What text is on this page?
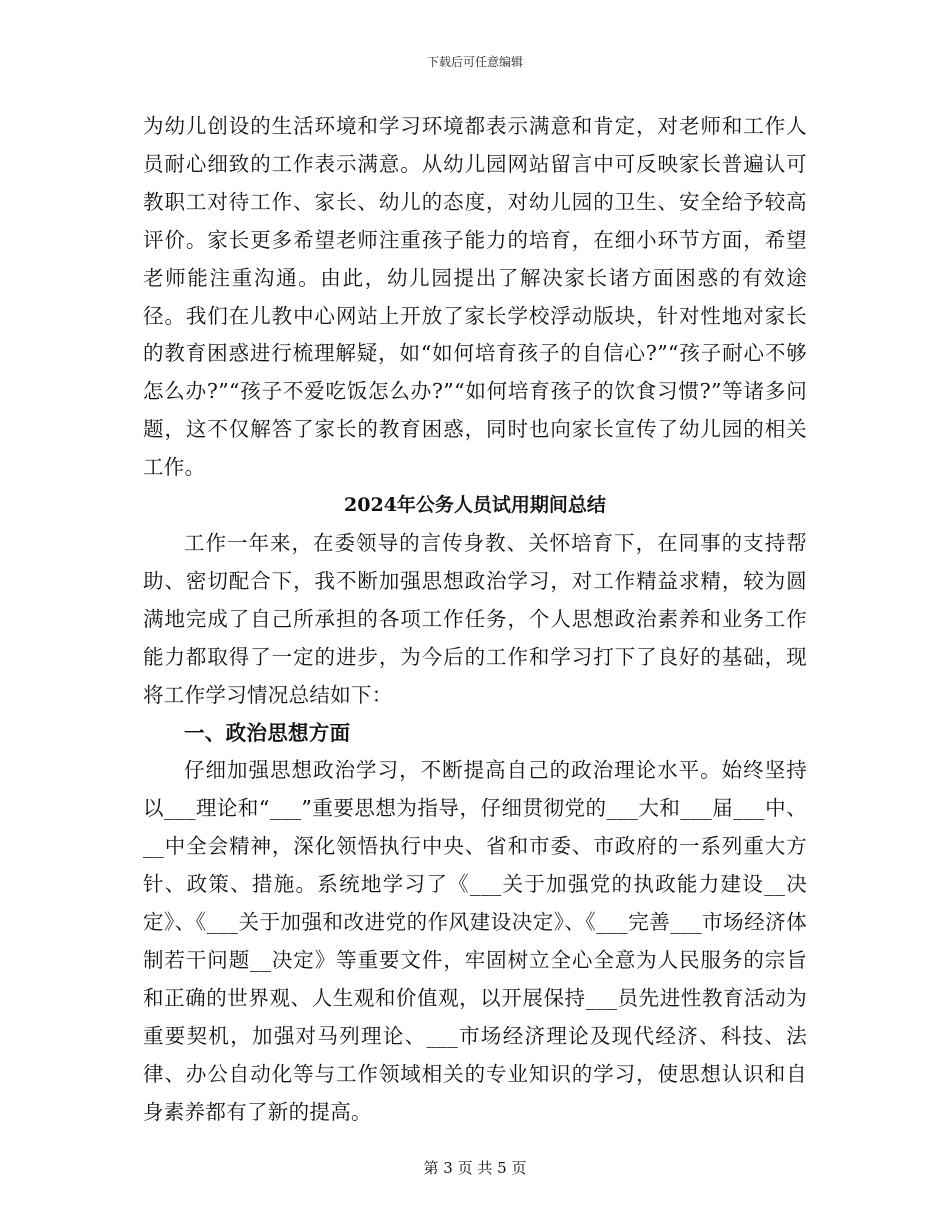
下载后可任意编辑

为幼儿创设的生活环境和学习环境都表示满意和肯定，对老师和工作人员耐心细致的工作表示满意。从幼儿园网站留言中可反映家长普遍认可教职工对待工作、家长、幼儿的态度，对幼儿园的卫生、安全给予较高评价。家长更多希望老师注重孩子能力的培育，在细小环节方面，希望老师能注重沟通。由此，幼儿园提出了解决家长诸方面困惑的有效途径。我们在儿教中心网站上开放了家长学校浮动版块，针对性地对家长的教育困惑进行梳理解疑，如“如何培育孩子的自信心?”“孩子耐心不够怎么办?”“孩子不爱吃饭怎么办?”“如何培育孩子的饮食习惯?”等诸多问题，这不仅解答了家长的教育困惑，同时也向家长宣传了幼儿园的相关工作。

2024年公务人员试用期间总结

工作一年来，在委领导的言传身教、关怀培育下，在同事的支持帮助、密切配合下，我不断加强思想政治学习，对工作精益求精，较为圆满地完成了自己所承担的各项工作任务，个人思想政治素养和业务工作能力都取得了一定的进步，为今后的工作和学习打下了良好的基础，现将工作学习情况总结如下：

一、政治思想方面

仔细加强思想政治学习，不断提高自己的政治理论水平。始终坚持以___理论和“___”重要思想为指导，仔细贯彻党的___大和___届___中、__中全会精神，深化领悟执行中央、省和市委、市政府的一系列重大方针、政策、措施。系统地学习了《___关于加强党的执政能力建设__决定》、《___关于加强和改进党的作风建设决定》、《___完善___市场经济体制若干问题__决定》等重要文件，牢固树立全心全意为人民服务的宗旨和正确的世界观、人生观和价值观，以开展保持___员先进性教育活动为重要契机，加强对马列理论、___市场经济理论及现代经济、科技、法律、办公自动化等与工作领域相关的专业知识的学习，使思想认识和自身素养都有了新的提高。

第 3 页 共 5 页
